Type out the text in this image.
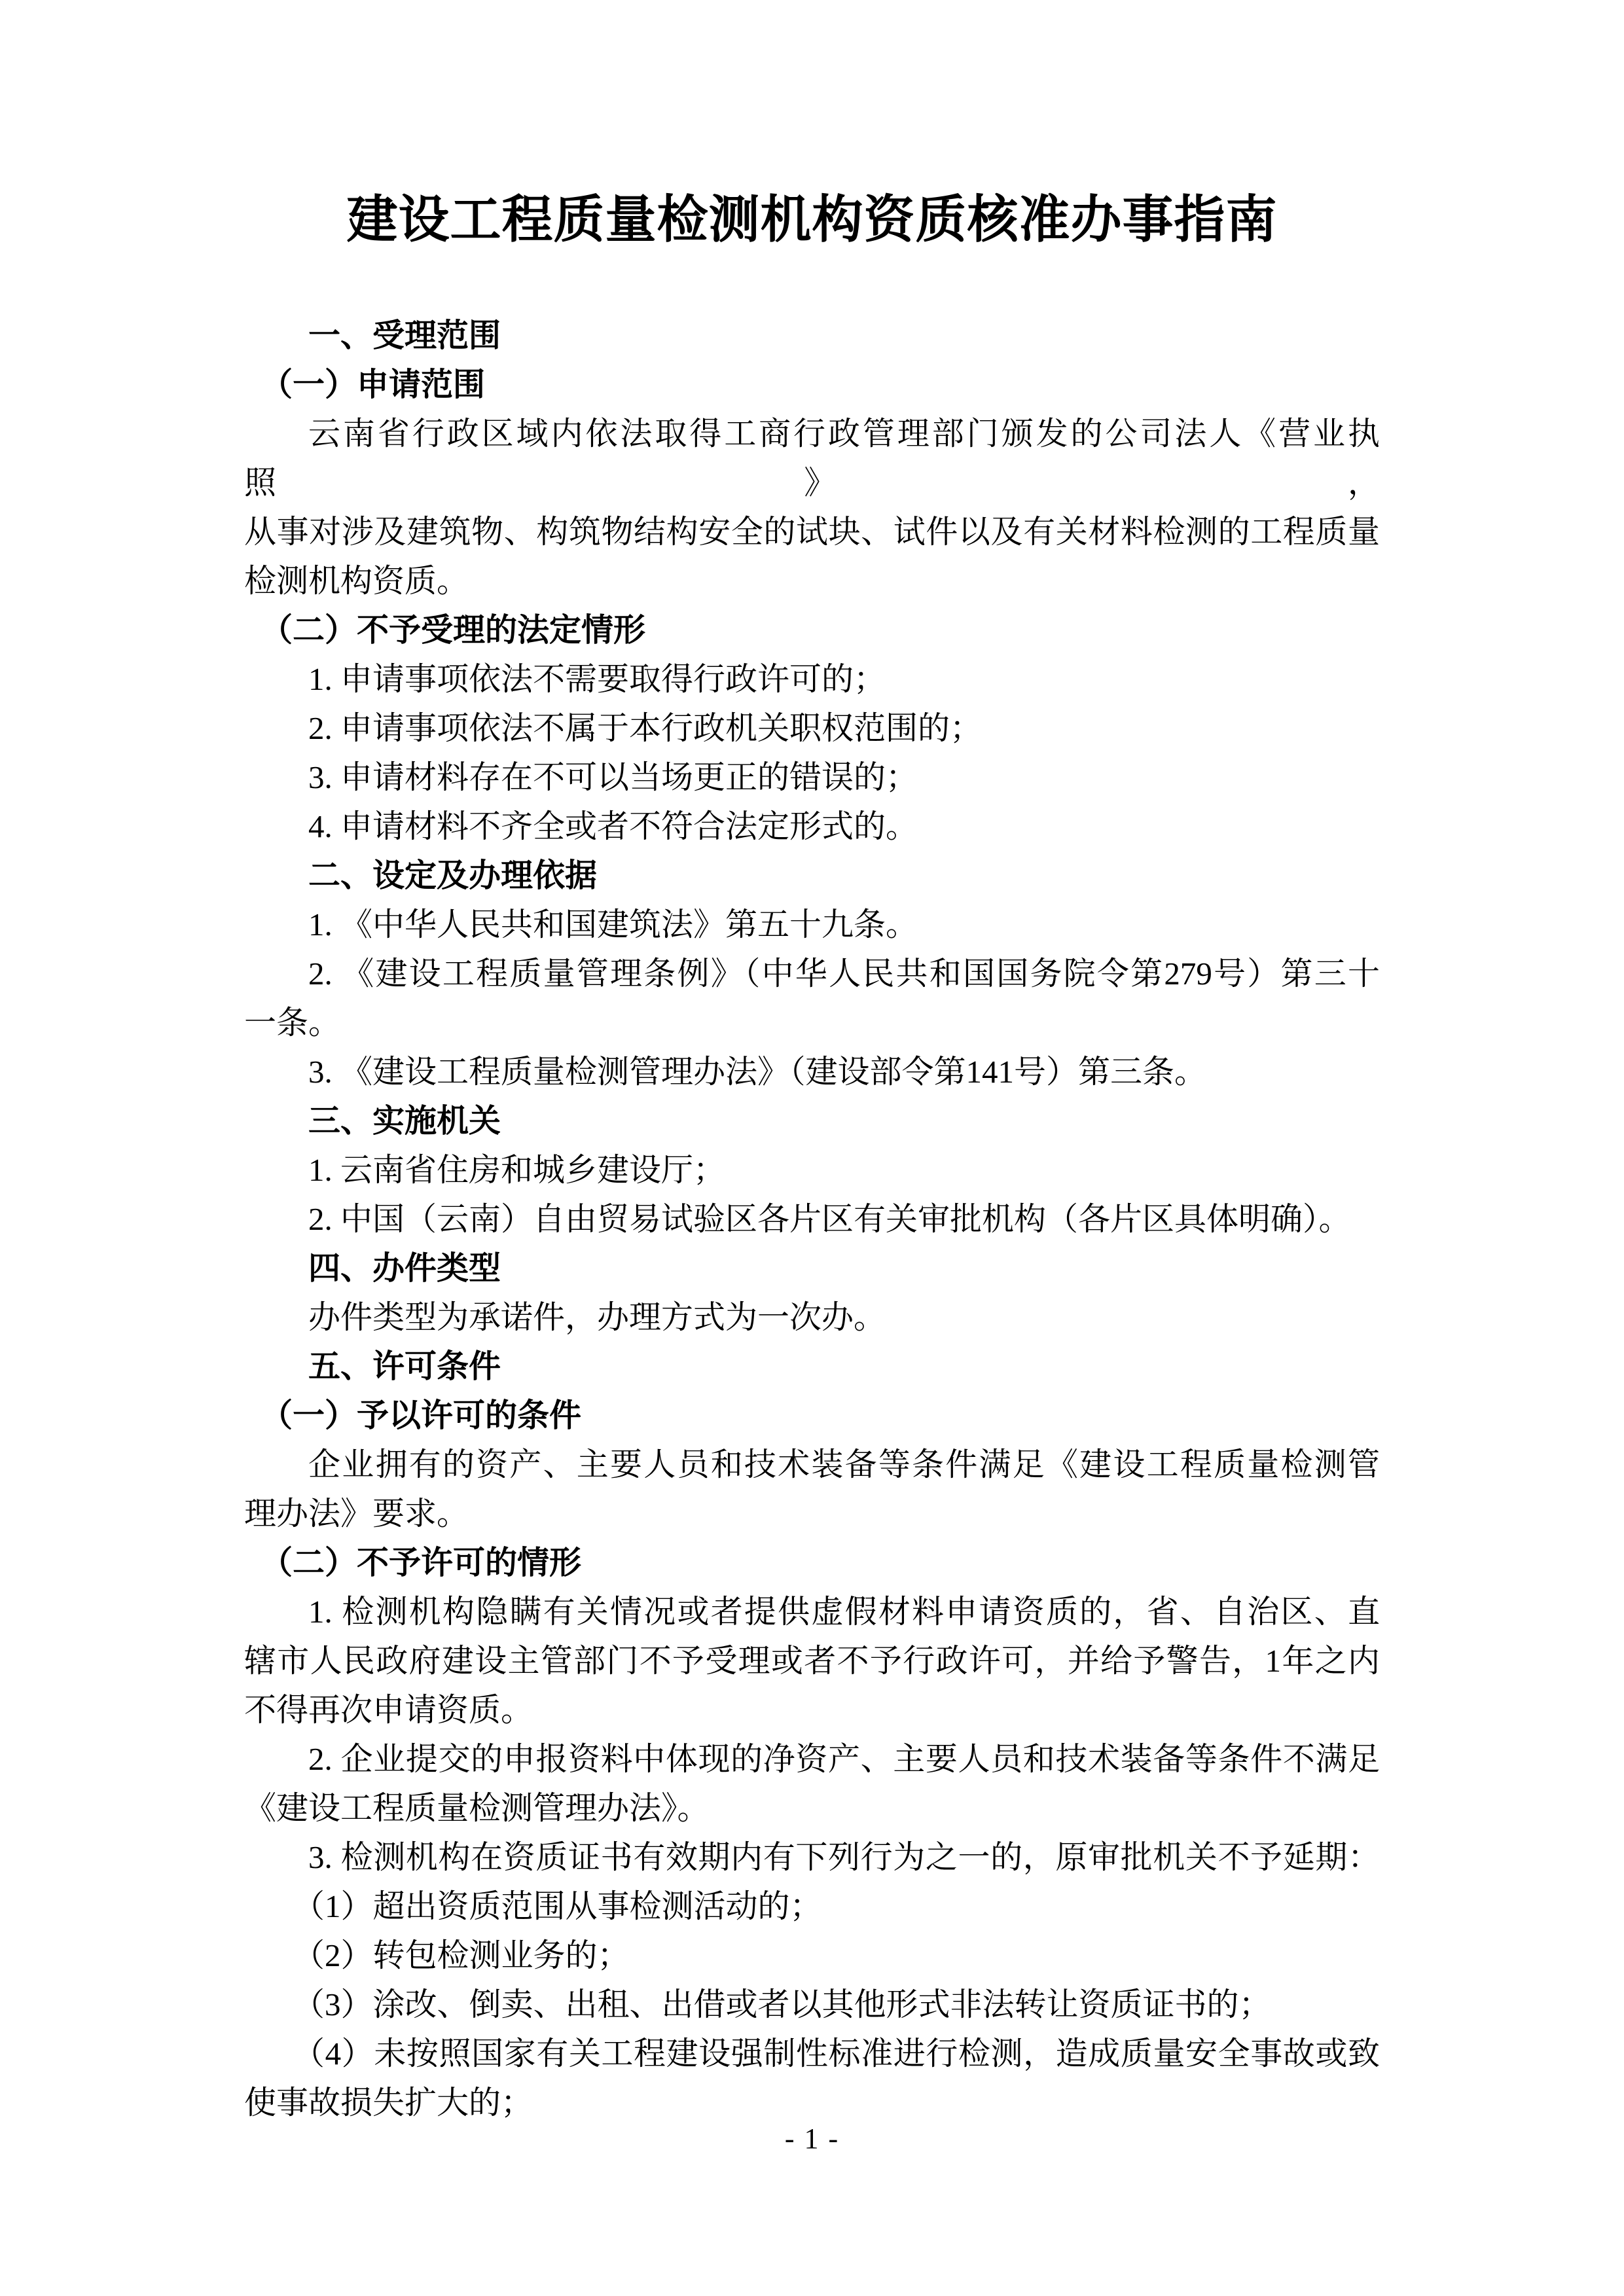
建设工程质量检测机构资质核准办事指南
一、受理范围
（一）申请范围
云南省行政区域内依法取得工商行政管理部门颁发的公司法人《营业执照》，
从事对涉及建筑物、构筑物结构安全的试块、试件以及有关材料检测的工程质量
检测机构资质。
（二）不予受理的法定情形
1. 申请事项依法不需要取得行政许可的；
2. 申请事项依法不属于本行政机关职权范围的；
3. 申请材料存在不可以当场更正的错误的；
4. 申请材料不齐全或者不符合法定形式的。
二、设定及办理依据
1. 《中华人民共和国建筑法》第五十九条。
2. 《建设工程质量管理条例》（中华人民共和国国务院令第279号）第三十
一条。
3. 《建设工程质量检测管理办法》（建设部令第141号）第三条。
三、实施机关
1. 云南省住房和城乡建设厅；
2. 中国（云南）自由贸易试验区各片区有关审批机构（各片区具体明确）。
四、办件类型
办件类型为承诺件，办理方式为一次办。
五、许可条件
（一）予以许可的条件
企业拥有的资产、主要人员和技术装备等条件满足《建设工程质量检测管
理办法》要求。
（二）不予许可的情形
1. 检测机构隐瞒有关情况或者提供虚假材料申请资质的，省、自治区、直
辖市人民政府建设主管部门不予受理或者不予行政许可，并给予警告，1年之内
不得再次申请资质。
2. 企业提交的申报资料中体现的净资产、主要人员和技术装备等条件不满足
《建设工程质量检测管理办法》。
3. 检测机构在资质证书有效期内有下列行为之一的，原审批机关不予延期：
（1）超出资质范围从事检测活动的；
（2）转包检测业务的；
（3）涂改、倒卖、出租、出借或者以其他形式非法转让资质证书的；
（4）未按照国家有关工程建设强制性标准进行检测，造成质量安全事故或致
使事故损失扩大的；
- 1 -
